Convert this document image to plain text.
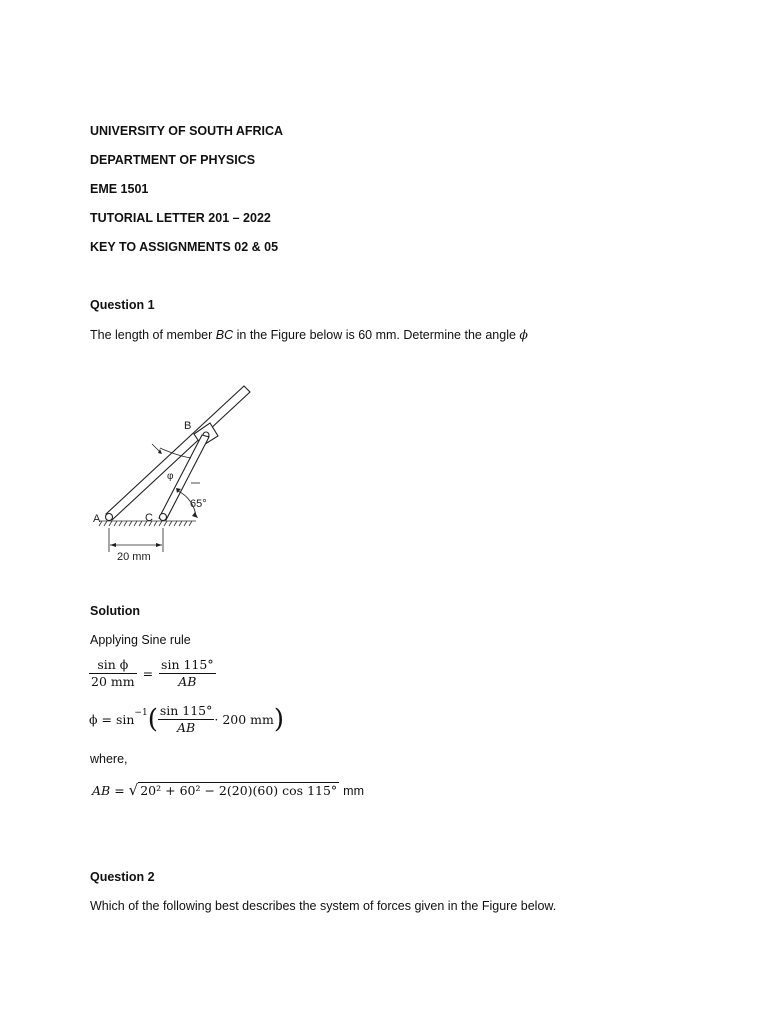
UNIVERSITY OF SOUTH AFRICA
DEPARTMENT OF PHYSICS
EME 1501
TUTORIAL LETTER 201 – 2022
KEY TO ASSIGNMENTS 02 & 05
Question 1
The length of member BC in the Figure below is 60 mm. Determine the angle ϕ
A
B
C
φ
65°
20 mm
Solution
Applying Sine rule
$\frac{\text{sin ϕ}}{20 mm} = \frac{\sin 115^\circ}{AB}$
$\phi = \sin^{-1}( \frac{\sin 115^\circ}{AB} \cdot 200$ mm)
where,
AB = √ 20² + 60² − 2(20)(60) cos 115° mm
Question 2
Which of the following best describes the system of forces given in the Figure below.
